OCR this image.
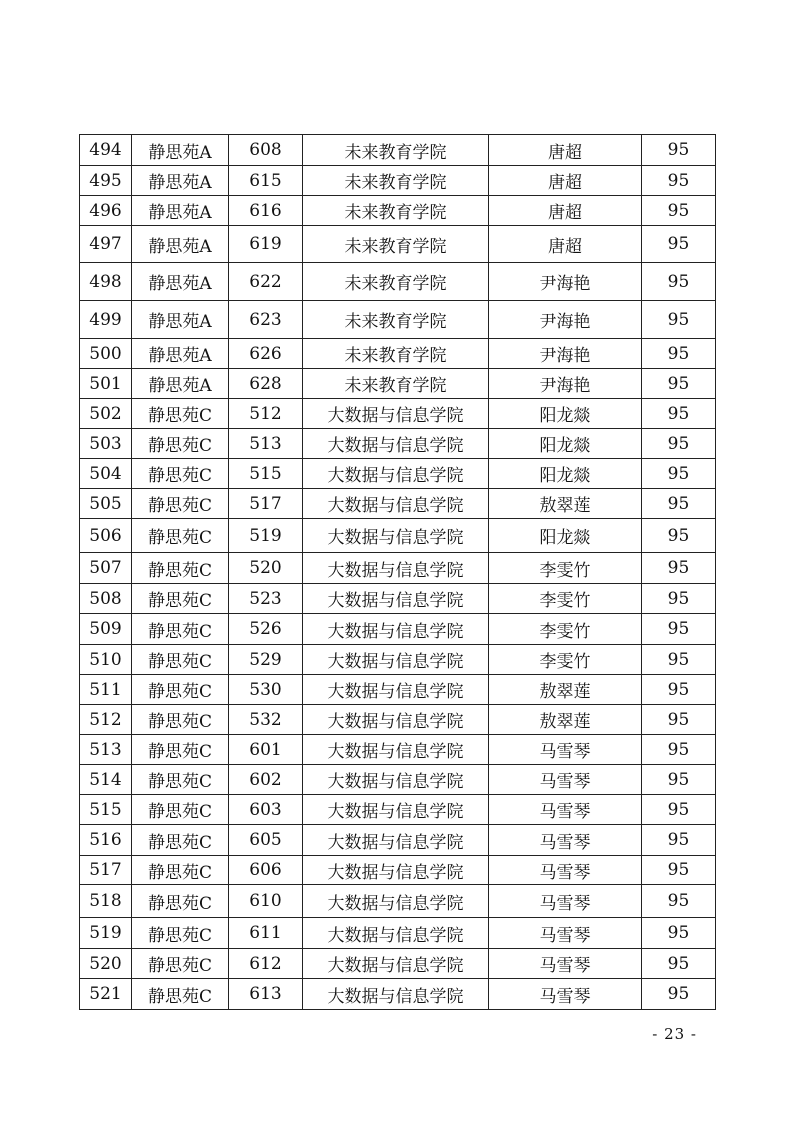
494	静思苑A	608	未来教育学院	唐超	95
495	静思苑A	615	未来教育学院	唐超	95
496	静思苑A	616	未来教育学院	唐超	95
497	静思苑A	619	未来教育学院	唐超	95
498	静思苑A	622	未来教育学院	尹海艳	95
499	静思苑A	623	未来教育学院	尹海艳	95
500	静思苑A	626	未来教育学院	尹海艳	95
501	静思苑A	628	未来教育学院	尹海艳	95
502	静思苑C	512	大数据与信息学院	阳龙燚	95
503	静思苑C	513	大数据与信息学院	阳龙燚	95
504	静思苑C	515	大数据与信息学院	阳龙燚	95
505	静思苑C	517	大数据与信息学院	敖翠莲	95
506	静思苑C	519	大数据与信息学院	阳龙燚	95
507	静思苑C	520	大数据与信息学院	李雯竹	95
508	静思苑C	523	大数据与信息学院	李雯竹	95
509	静思苑C	526	大数据与信息学院	李雯竹	95
510	静思苑C	529	大数据与信息学院	李雯竹	95
511	静思苑C	530	大数据与信息学院	敖翠莲	95
512	静思苑C	532	大数据与信息学院	敖翠莲	95
513	静思苑C	601	大数据与信息学院	马雪琴	95
514	静思苑C	602	大数据与信息学院	马雪琴	95
515	静思苑C	603	大数据与信息学院	马雪琴	95
516	静思苑C	605	大数据与信息学院	马雪琴	95
517	静思苑C	606	大数据与信息学院	马雪琴	95
518	静思苑C	610	大数据与信息学院	马雪琴	95
519	静思苑C	611	大数据与信息学院	马雪琴	95
520	静思苑C	612	大数据与信息学院	马雪琴	95
521	静思苑C	613	大数据与信息学院	马雪琴	95
- 23 -
